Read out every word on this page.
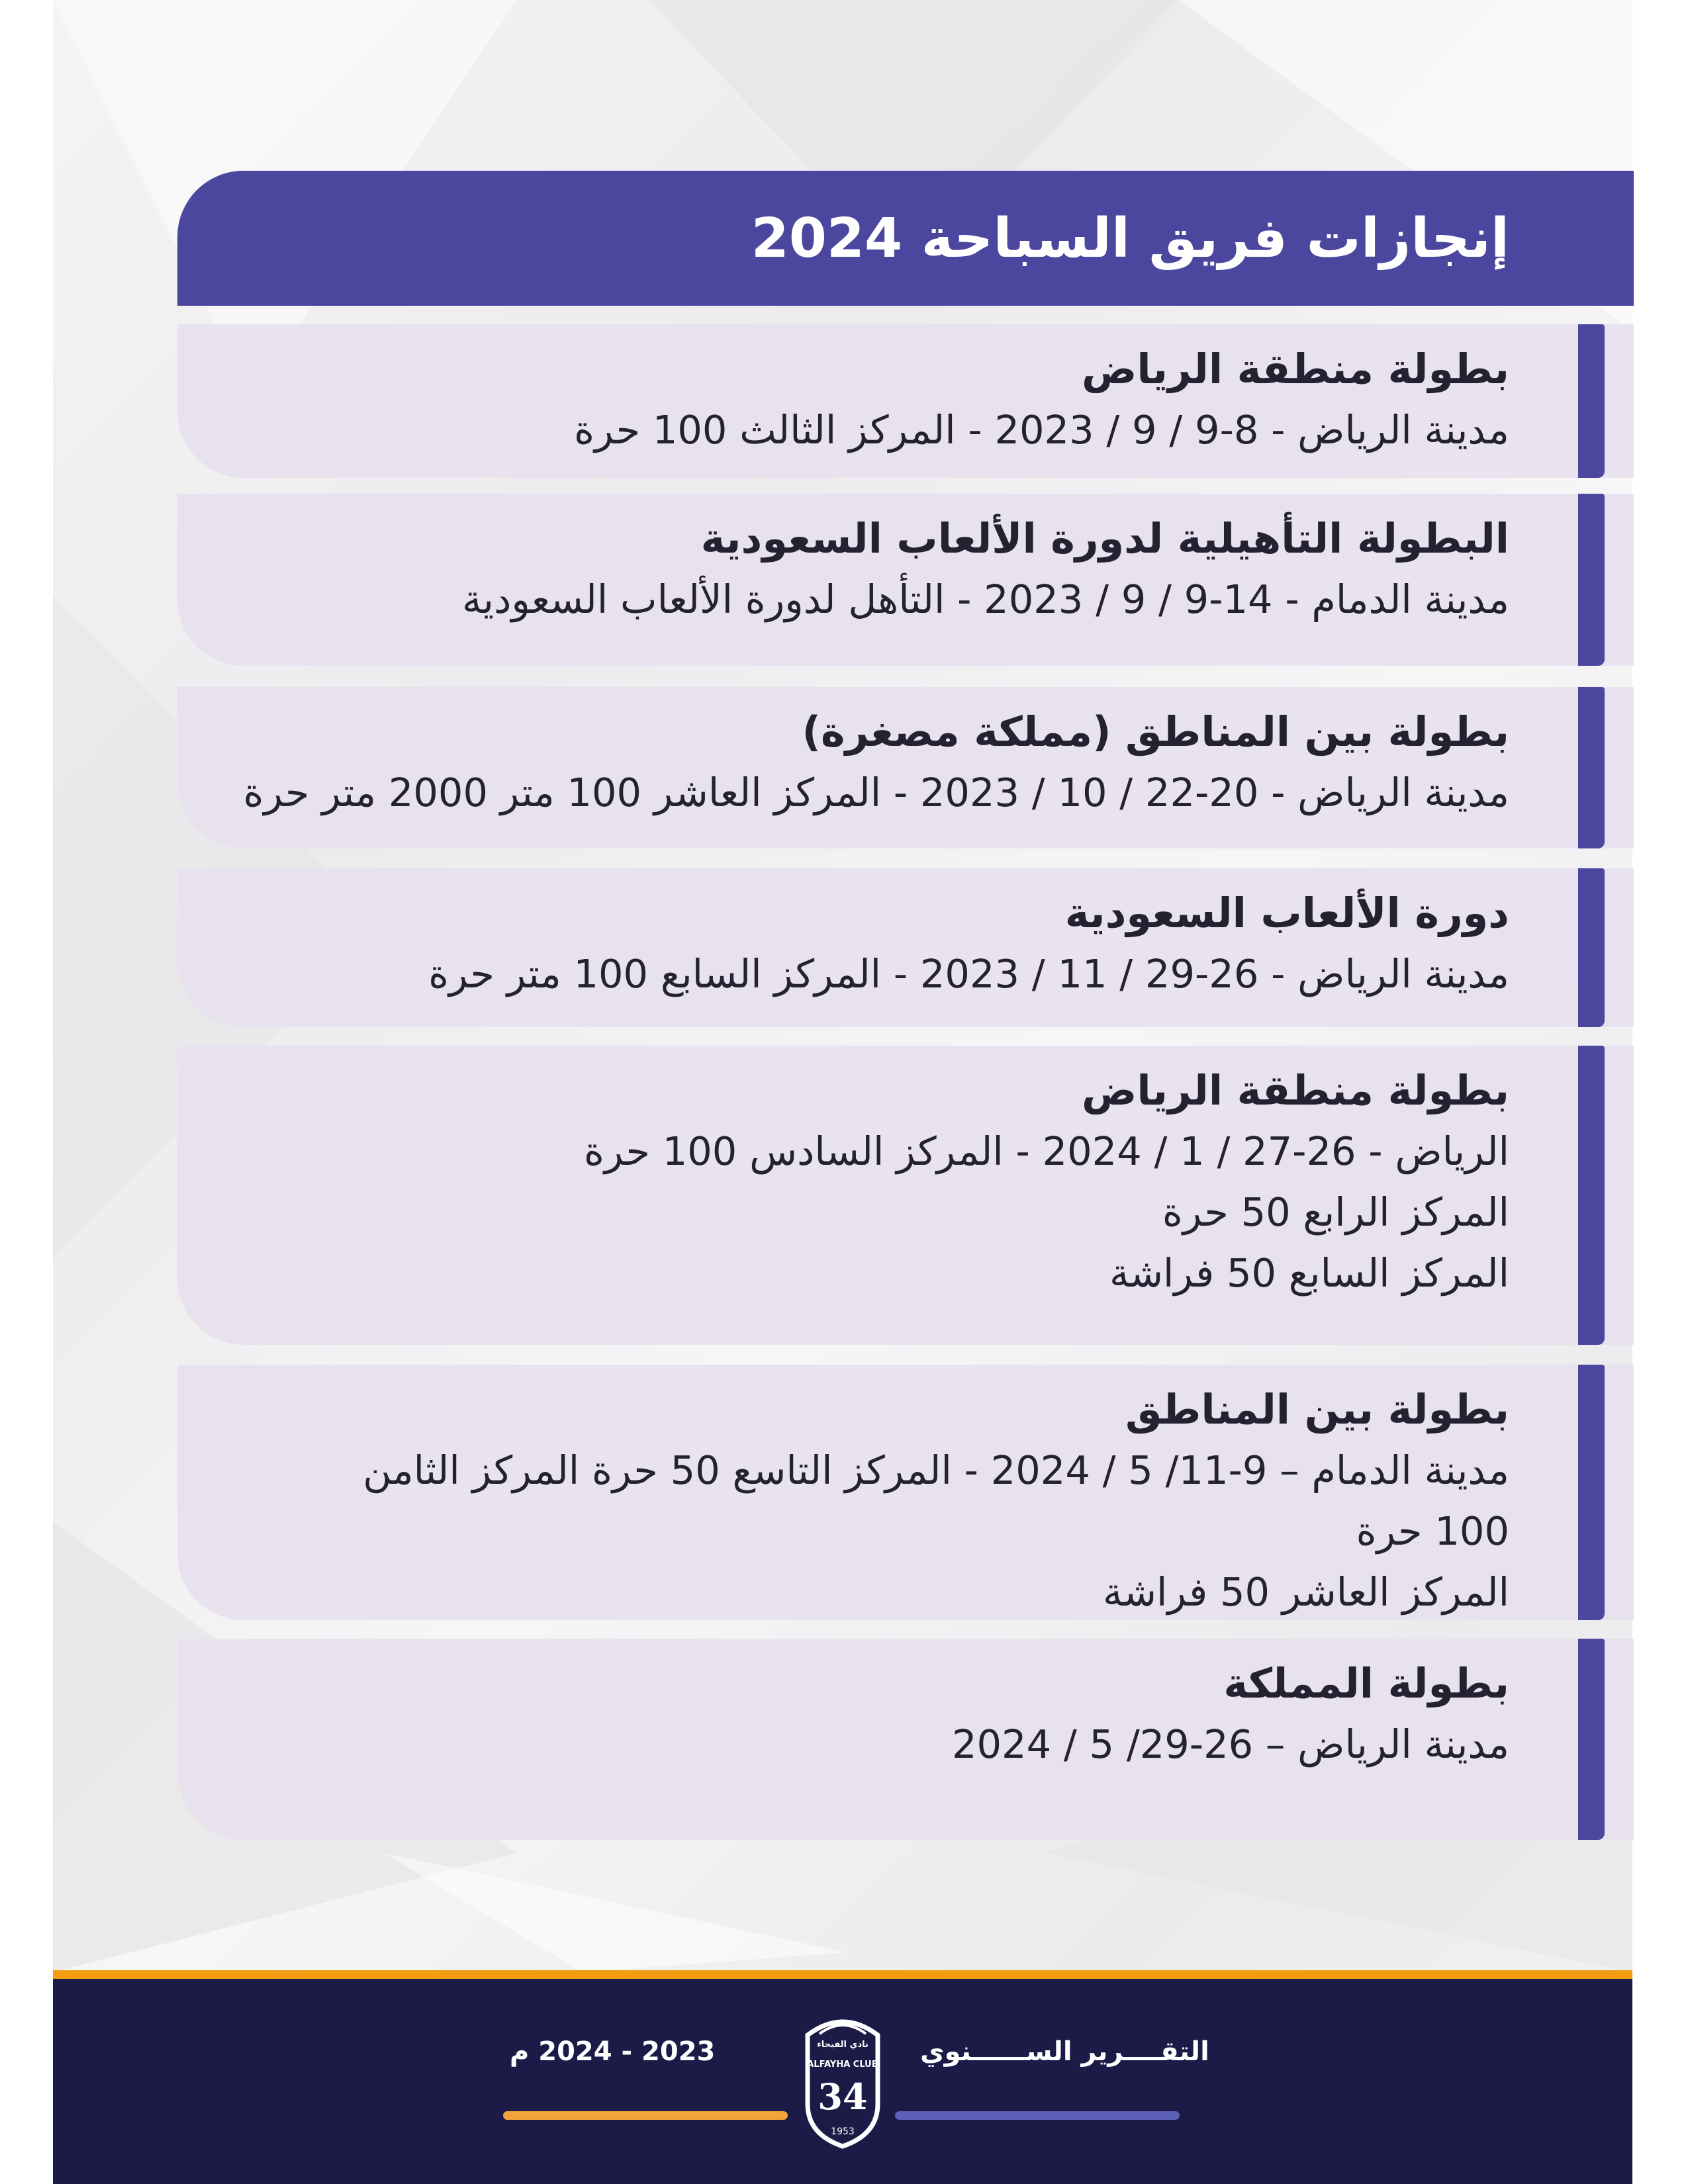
إنجازات فريق السباحة 2024
بطولة منطقة الرياض
مدينة الرياض - 8-9 / 9 / 2023 - المركز الثالث 100 حرة
البطولة التأهيلية لدورة الألعاب السعودية
مدينة الدمام - 14-9 / 9 / 2023 - التأهل لدورة الألعاب السعودية
بطولة بين المناطق (مملكة مصغرة)
مدينة الرياض - 20-22 / 10 / 2023 - المركز العاشر 100 متر 2000 متر حرة
دورة الألعاب السعودية
مدينة الرياض - 26-29 / 11 / 2023 - المركز السابع 100 متر حرة
بطولة منطقة الرياض
الرياض - 26-27 / 1 / 2024 - المركز السادس 100 حرة
المركز الرابع 50 حرة
المركز السابع 50 فراشة
بطولة بين المناطق
مدينة الدمام – 9-11/ 5 / 2024 - المركز التاسع 50 حرة المركز الثامن
100 حرة
المركز العاشر 50 فراشة
بطولة المملكة
مدينة الرياض – 26-29/ 5 / 2024
التقــــرير الســــــنوي
2023 - 2024 م	نادي الفيحاء
ALFAYHA CLUB
34
1953
